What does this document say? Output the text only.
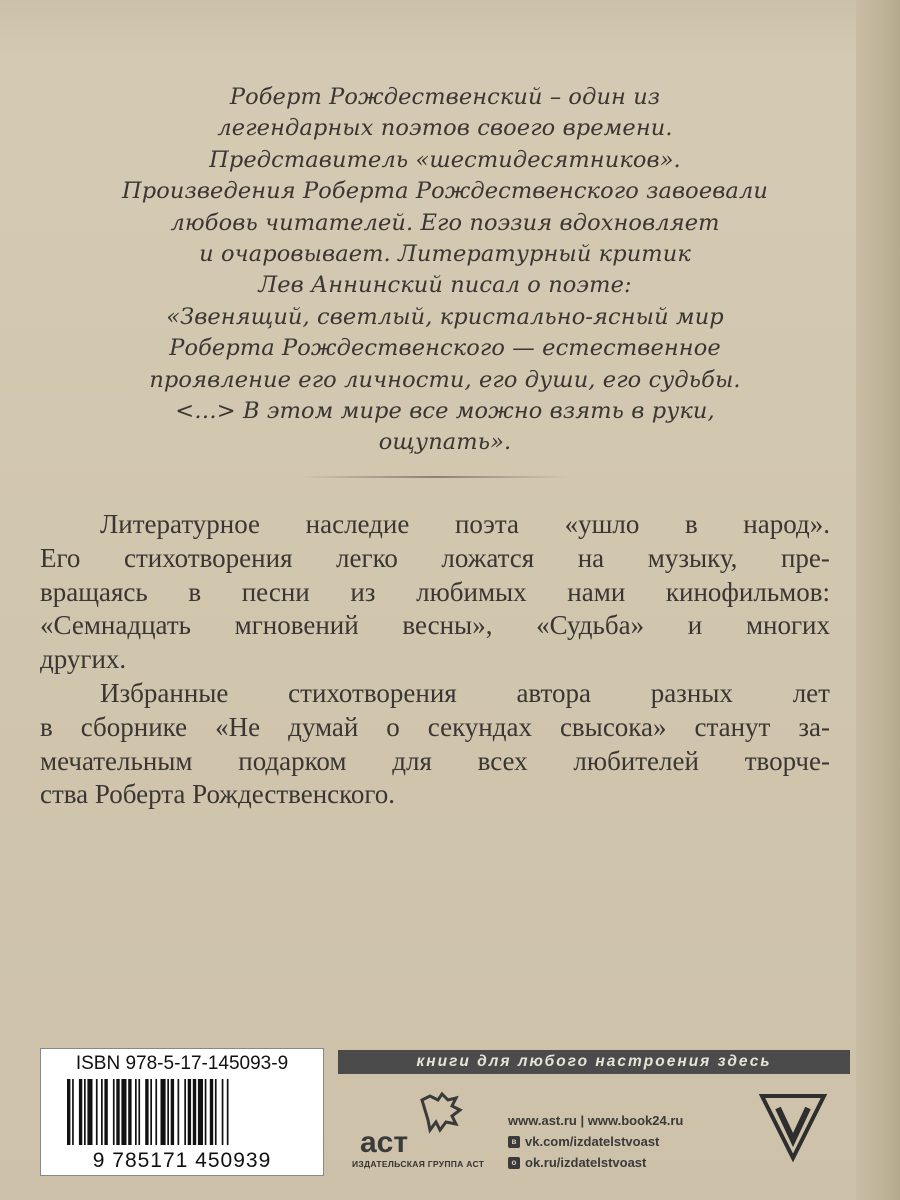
Роберт Рождественский – один из
легендарных поэтов своего времени.
Представитель «шестидесятников».
Произведения Роберта Рождественского завоевали
любовь читателей. Его поэзия вдохновляет
и очаровывает. Литературный критик
Лев Аннинский писал о поэте:
«Звенящий, светлый, кристально-ясный мир
Роберта Рождественского — естественное
проявление его личности, его души, его судьбы.
<…> В этом мире все можно взять в руки,
ощупать».
Литературное наследие поэта «ушло в народ».
Его стихотворения легко ложатся на музыку, пре-
вращаясь в песни из любимых нами кинофильмов:
«Семнадцать мгновений весны», «Судьба» и многих
других.
Избранные стихотворения автора разных лет
в сборнике «Не думай о секундах свысока» станут за-
мечательным подарком для всех любителей творче-
ства Роберта Рождественского.
ISBN 978-5-17-145093-9
9 785171 450939
книги для любого настроения здесь
аст
ИЗДАТЕЛЬСКАЯ ГРУППА АСТ
www.ast.ru | www.book24.ru
в vk.com/izdatelstvoast
о ok.ru/izdatelstvoast
